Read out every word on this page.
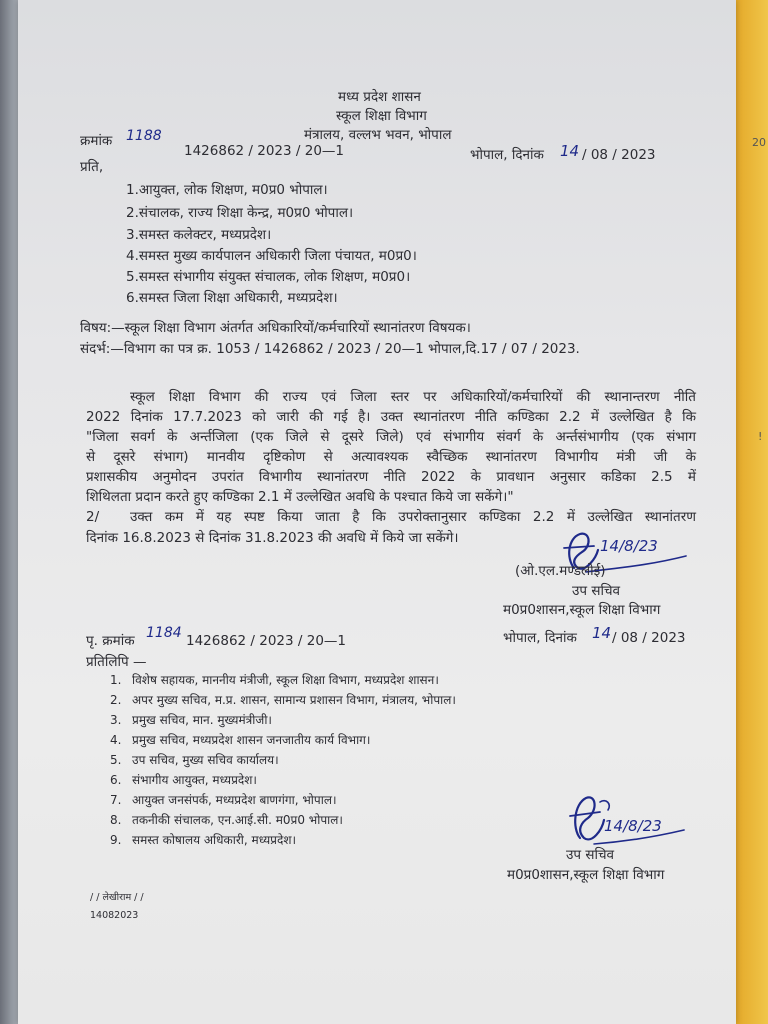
मध्य प्रदेश शासन
स्कूल शिक्षा विभाग
मंत्रालय, वल्लभ भवन, भोपाल
क्रमांक 1188
1426862 / 2023 / 20—1	भोपाल, दिनांक 14 / 08 / 2023
20
!
प्रति,
1.आयुक्त, लोक शिक्षण, म0प्र0 भोपाल।
2.संचालक, राज्य शिक्षा केन्द्र, म0प्र0 भोपाल।
3.समस्त कलेक्टर, मध्यप्रदेश।
4.समस्त मुख्य कार्यपालन अधिकारी जिला पंचायत, म0प्र0।
5.समस्त संभागीय संयुक्त संचालक, लोक शिक्षण, म0प्र0।
6.समस्त जिला शिक्षा अधिकारी, मध्यप्रदेश।
विषय:—स्कूल शिक्षा विभाग अंतर्गत अधिकारियों/कर्मचारियों स्थानांतरण विषयक।
संदर्भ:—विभाग का पत्र क्र. 1053 / 1426862 / 2023 / 20—1 भोपाल,दि.17 / 07 / 2023.
स्कूल शिक्षा विभाग की राज्य एवं जिला स्तर पर अधिकारियों/कर्मचारियों की स्थानान्तरण नीति
2022 दिनांक 17.7.2023 को जारी की गई है। उक्त स्थानांतरण नीति कण्डिका 2.2 में उल्लेखित है कि
"जिला सवर्ग के अर्न्तजिला (एक जिले से दूसरे जिले) एवं संभागीय संवर्ग के अर्न्तसंभागीय (एक संभाग
से दूसरे संभाग) मानवीय दृष्टिकोण से अत्यावश्यक स्वैच्छिक स्थानांतरण विभागीय मंत्री जी के
प्रशासकीय अनुमोदन उपरांत विभागीय स्थानांतरण नीति 2022 के प्रावधान अनुसार कडिका 2.5 में
शिथिलता प्रदान करते हुए कण्डिका 2.1 में उल्लेखित अवधि के पश्चात किये जा सकेंगे।"
2/ उक्त कम में यह स्पष्ट किया जाता है कि उपरोक्तानुसार कण्डिका 2.2 में उल्लेखित स्थानांतरण
दिनांक 16.8.2023 से दिनांक 31.8.2023 की अवधि में किये जा सकेंगे।	14/8/23
(ओ.एल.मण्डलोई)
उप सचिव
म0प्र0शासन,स्कूल शिक्षा विभाग
पृ. क्रमांक 1184 1426862 / 2023 / 20—1	भोपाल, दिनांक 14 / 08 / 2023
प्रतिलिपि —
1. विशेष सहायक, माननीय मंत्रीजी, स्कूल शिक्षा विभाग, मध्यप्रदेश शासन।
2. अपर मुख्य सचिव, म.प्र. शासन, सामान्य प्रशासन विभाग, मंत्रालय, भोपाल।
3. प्रमुख सचिव, मान. मुख्यमंत्रीजी।
4. प्रमुख सचिव, मध्यप्रदेश शासन जनजातीय कार्य विभाग।
5. उप सचिव, मुख्य सचिव कार्यालय।
6. संभागीय आयुक्त, मध्यप्रदेश।
7. आयुक्त जनसंपर्क, मध्यप्रदेश बाणगंगा, भोपाल।
8. तकनीकी संचालक, एन.आई.सी. म0प्र0 भोपाल।
9. समस्त कोषालय अधिकारी, मध्यप्रदेश।
14/8/23
उप सचिव
म0प्र0शासन,स्कूल शिक्षा विभाग
/ / लेखीराम / /
14082023
